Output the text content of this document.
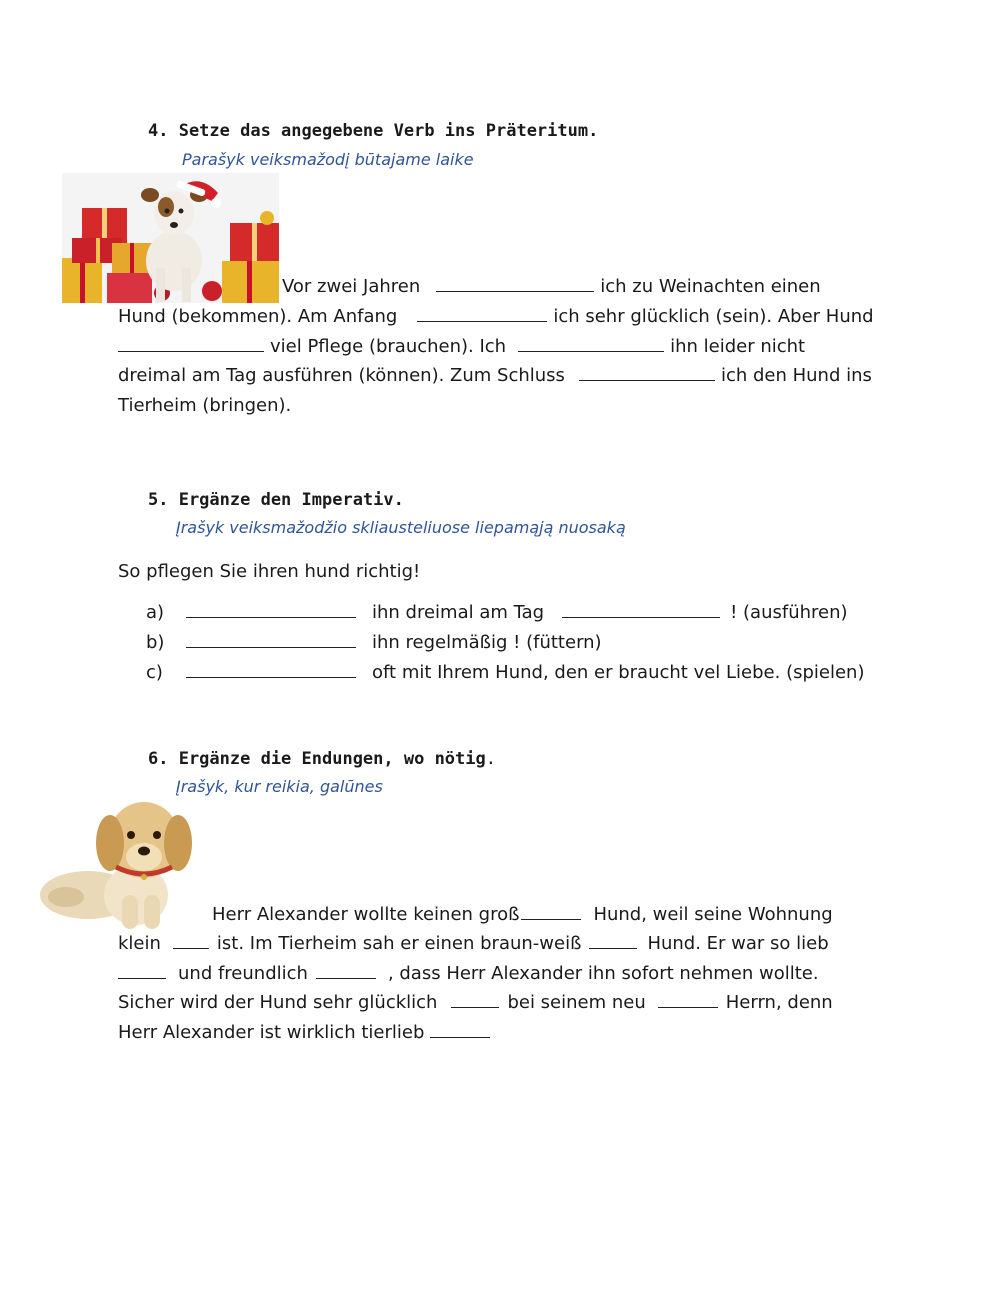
4. Setze das angegebene Verb ins Präteritum.
Parašyk veiksmažodį būtajame laike
Vor zwei Jahren	ich zu Weinachten einen
Hund (bekommen). Am Anfang	ich sehr glücklich (sein). Aber Hund
viel Pflege (brauchen). Ich	ihn leider nicht
dreimal am Tag ausführen (können). Zum Schluss	ich den Hund ins
Tierheim (bringen).
5. Ergänze den Imperativ.
Įrašyk veiksmažodžio skliausteliuose liepamąją nuosaką
So pflegen Sie ihren hund richtig!
a)	ihn dreimal am Tag	! (ausführen)
b)	ihn regelmäßig ! (füttern)
c)	oft mit Ihrem Hund, den er braucht vel Liebe. (spielen)
6. Ergänze die Endungen, wo nötig.
Įrašyk, kur reikia, galūnes
Herr Alexander wollte keinen groß	Hund, weil seine Wohnung
klein	ist. Im Tierheim sah er einen braun-weiß	Hund. Er war so lieb
und freundlich	, dass Herr Alexander ihn sofort nehmen wollte.
Sicher wird der Hund sehr glücklich	bei seinem neu	Herrn, denn
Herr Alexander ist wirklich tierlieb
